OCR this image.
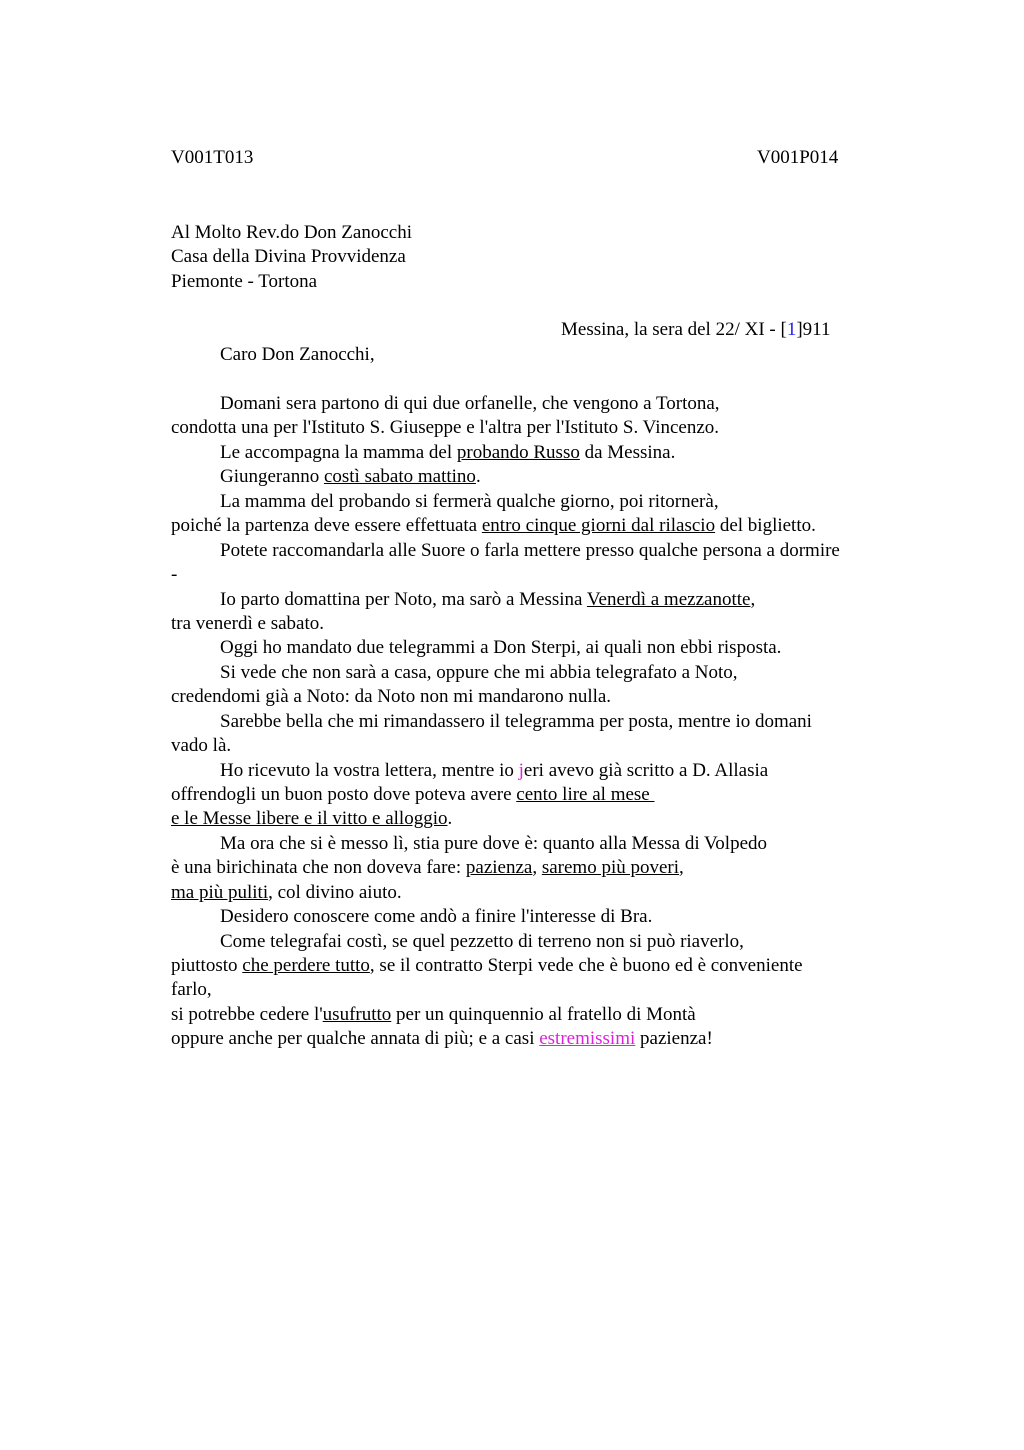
V001T013	V001P014
Al Molto Rev.do Don Zanocchi
Casa della Divina Provvidenza
Piemonte - Tortona
Messina, la sera del 22/ XI - [1]911
Caro Don Zanocchi,
Domani sera partono di qui due orfanelle, che vengono a Tortona,
condotta una per l'Istituto S. Giuseppe e l'altra per l'Istituto S. Vincenzo.
Le accompagna la mamma del probando Russo da Messina.
Giungeranno costì sabato mattino.
La mamma del probando si fermerà qualche giorno, poi ritornerà,
poiché la partenza deve essere effettuata entro cinque giorni dal rilascio del biglietto.
Potete raccomandarla alle Suore o farla mettere presso qualche persona a dormire
-
Io parto domattina per Noto, ma sarò a Messina Venerdì a mezzanotte,
tra venerdì e sabato.
Oggi ho mandato due telegrammi a Don Sterpi, ai quali non ebbi risposta.
Si vede che non sarà a casa, oppure che mi abbia telegrafato a Noto,
credendomi già a Noto: da Noto non mi mandarono nulla.
Sarebbe bella che mi rimandassero il telegramma per posta, mentre io domani
vado là.
Ho ricevuto la vostra lettera, mentre io jeri avevo già scritto a D. Allasia
offrendogli un buon posto dove poteva avere cento lire al mese
e le Messe libere e il vitto e alloggio.
Ma ora che si è messo lì, stia pure dove è: quanto alla Messa di Volpedo
è una birichinata che non doveva fare: pazienza, saremo più poveri,
ma più puliti, col divino aiuto.
Desidero conoscere come andò a finire l'interesse di Bra.
Come telegrafai costì, se quel pezzetto di terreno non si può riaverlo,
piuttosto che perdere tutto, se il contratto Sterpi vede che è buono ed è conveniente
farlo,
si potrebbe cedere l'usufrutto per un quinquennio al fratello di Montà
oppure anche per qualche annata di più; e a casi estremissimi pazienza!
